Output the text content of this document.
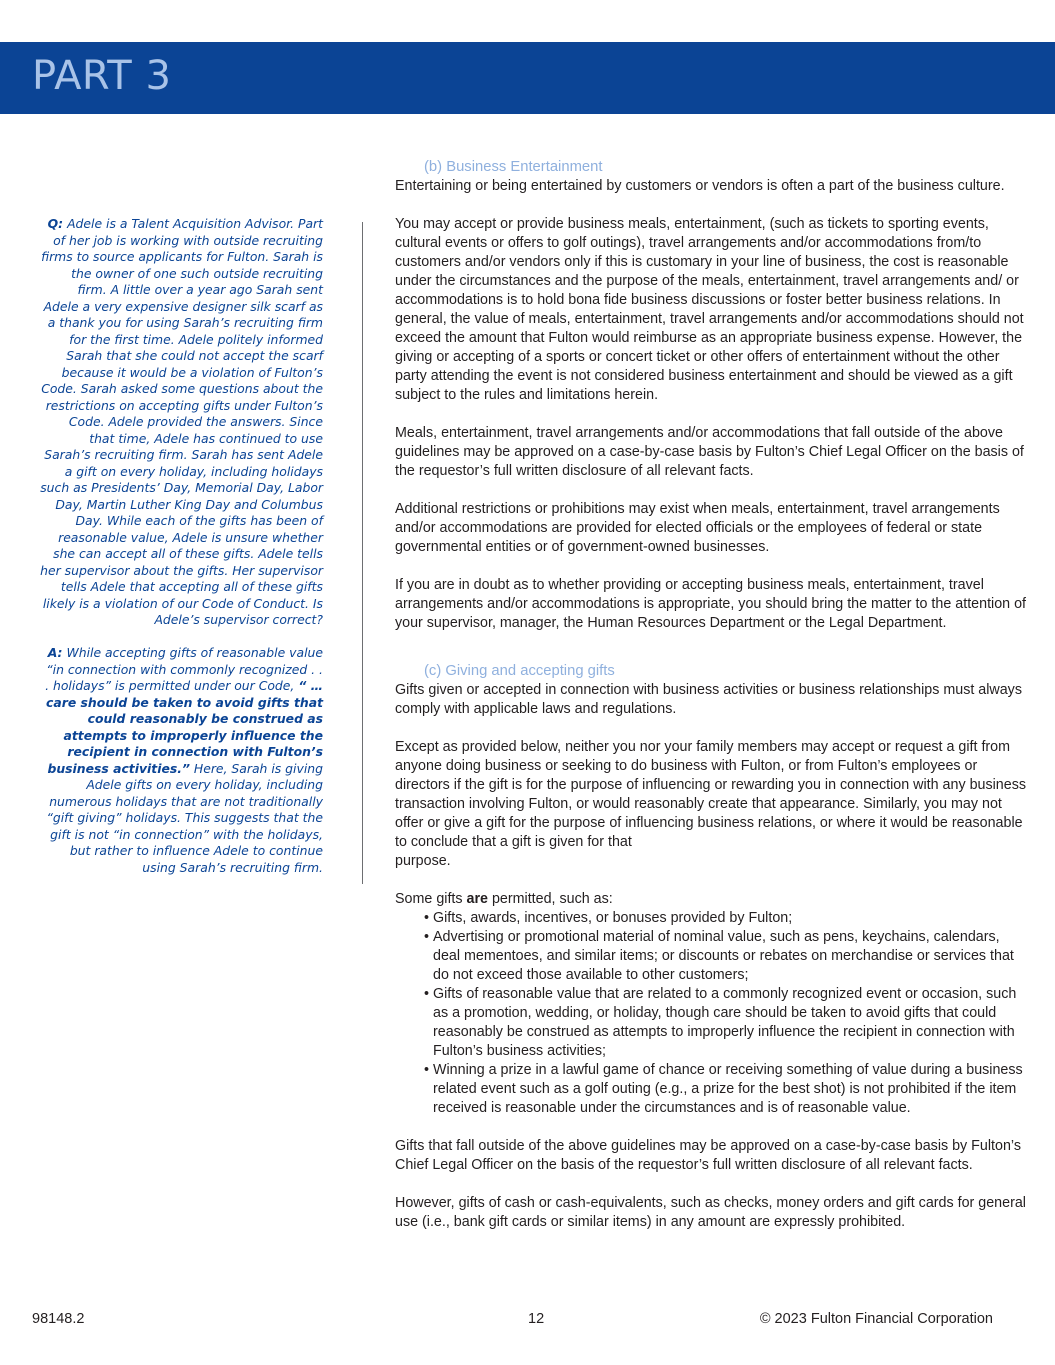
PART 3

Q: Adele is a Talent Acquisition Advisor. Part of her job is working with outside recruiting firms to source applicants for Fulton. Sarah is the owner of one such outside recruiting firm. A little over a year ago Sarah sent Adele a very expensive designer silk scarf as a thank you for using Sarah’s recruiting firm for the first time. Adele politely informed Sarah that she could not accept the scarf because it would be a violation of Fulton’s Code. Sarah asked some questions about the restrictions on accepting gifts under Fulton’s Code. Adele provided the answers. Since that time, Adele has continued to use Sarah’s recruiting firm. Sarah has sent Adele a gift on every holiday, including holidays such as Presidents’ Day, Memorial Day, Labor Day, Martin Luther King Day and Columbus Day. While each of the gifts has been of reasonable value, Adele is unsure whether she can accept all of these gifts. Adele tells her supervisor about the gifts. Her supervisor tells Adele that accepting all of these gifts likely is a violation of our Code of Conduct. Is Adele’s supervisor correct?

A: While accepting gifts of reasonable value “in connection with commonly recognized . . . holidays” is permitted under our Code, “ …care should be taken to avoid gifts that could reasonably be construed as attempts to improperly influence the recipient in connection with Fulton’s business activities.” Here, Sarah is giving Adele gifts on every holiday, including numerous holidays that are not traditionally “gift giving” holidays. This suggests that the gift is not “in connection” with the holidays, but rather to influence Adele to continue using Sarah’s recruiting firm.

(b) Business Entertainment

Entertaining or being entertained by customers or vendors is often a part of the business culture.

You may accept or provide business meals, entertainment, (such as tickets to sporting events, cultural events or offers to golf outings), travel arrangements and/or accommodations from/to customers and/or vendors only if this is customary in your line of business, the cost is reasonable under the circumstances and the purpose of the meals, entertainment, travel arrangements and/ or accommodations is to hold bona fide business discussions or foster better business relations. In general, the value of meals, entertainment, travel arrangements and/or accommodations should not exceed the amount that Fulton would reimburse as an appropriate business expense. However, the giving or accepting of a sports or concert ticket or other offers of entertainment without the other party attending the event is not considered business entertainment and should be viewed as a gift subject to the rules and limitations herein.

Meals, entertainment, travel arrangements and/or accommodations that fall outside of the above guidelines may be approved on a case-by-case basis by Fulton’s Chief Legal Officer on the basis of the requestor’s full written disclosure of all relevant facts.

Additional restrictions or prohibitions may exist when meals, entertainment, travel arrangements and/or accommodations are provided for elected officials or the employees of federal or state governmental entities or of government-owned businesses.

If you are in doubt as to whether providing or accepting business meals, entertainment, travel arrangements and/or accommodations is appropriate, you should bring the matter to the attention of your supervisor, manager, the Human Resources Department or the Legal Department.

(c) Giving and accepting gifts

Gifts given or accepted in connection with business activities or business relationships must always comply with applicable laws and regulations.

Except as provided below, neither you nor your family members may accept or request a gift from anyone doing business or seeking to do business with Fulton, or from Fulton’s employees or directors if the gift is for the purpose of influencing or rewarding you in connection with any business transaction involving Fulton, or would reasonably create that appearance. Similarly, you may not offer or give a gift for the purpose of influencing business relations, or where it would be reasonable to conclude that a gift is given for that

purpose.

Some gifts are permitted, such as:

• Gifts, awards, incentives, or bonuses provided by Fulton;
• Advertising or promotional material of nominal value, such as pens, keychains, calendars, deal mementoes, and similar items; or discounts or rebates on merchandise or services that do not exceed those available to other customers;
• Gifts of reasonable value that are related to a commonly recognized event or occasion, such as a promotion, wedding, or holiday, though care should be taken to avoid gifts that could reasonably be construed as attempts to improperly influence the recipient in connection with Fulton’s business activities;
• Winning a prize in a lawful game of chance or receiving something of value during a business related event such as a golf outing (e.g., a prize for the best shot) is not prohibited if the item received is reasonable under the circumstances and is of reasonable value.

Gifts that fall outside of the above guidelines may be approved on a case-by-case basis by Fulton’s Chief Legal Officer on the basis of the requestor’s full written disclosure of all relevant facts.

However, gifts of cash or cash-equivalents, such as checks, money orders and gift cards for general use (i.e., bank gift cards or similar items) in any amount are expressly prohibited.

98148.2	12	© 2023 Fulton Financial Corporation
